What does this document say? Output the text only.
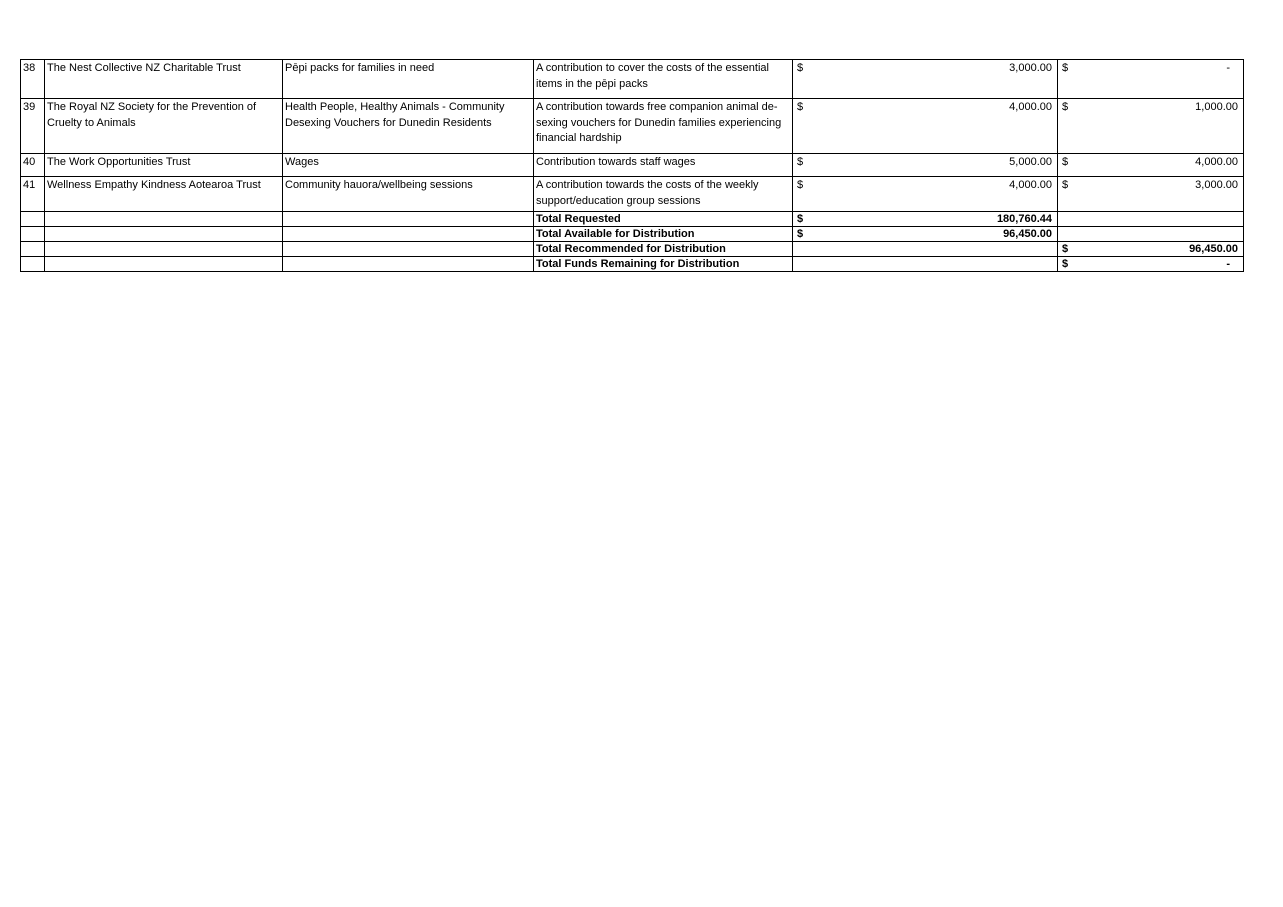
38	The Nest Collective NZ Charitable Trust	Pēpi packs for families in need	A contribution to cover the costs of the essential items in the pēpi packs	$ 3,000.00	$ -

39	The Royal NZ Society for the Prevention of Cruelty to Animals	Health People, Healthy Animals - Community Desexing Vouchers for Dunedin Residents	A contribution towards free companion animal de-sexing vouchers for Dunedin families experiencing financial hardship	$ 4,000.00	$ 1,000.00

40	The Work Opportunities Trust	Wages	Contribution towards staff wages	$ 5,000.00	$ 4,000.00

41	Wellness Empathy Kindness Aotearoa Trust	Community hauora/wellbeing sessions	A contribution towards the costs of the weekly support/education group sessions	$ 4,000.00	$ 3,000.00

			Total Requested	$ 180,760.44	

			Total Available for Distribution	$ 96,450.00	

			Total Recommended for Distribution		$ 96,450.00

			Total Funds Remaining for Distribution		$ -
